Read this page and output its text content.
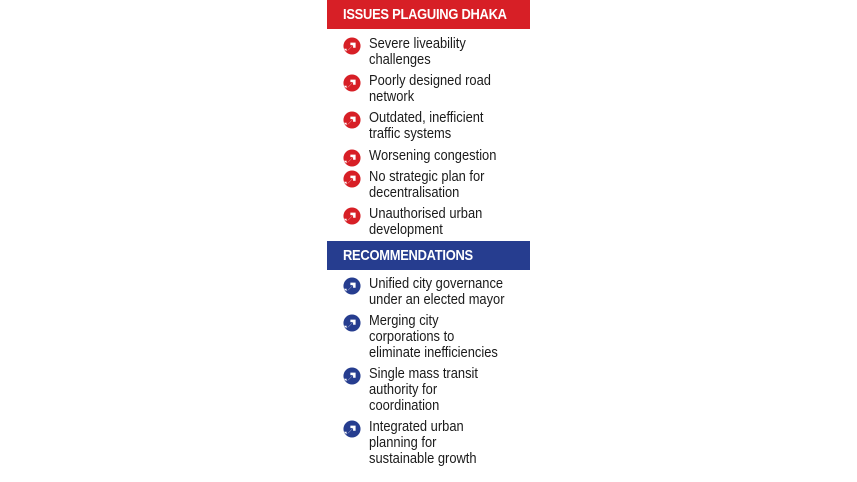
ISSUES PLAGUING DHAKA
Severe liveability
challenges
Poorly designed road
network
Outdated, inefficient
traffic systems
Worsening congestion
No strategic plan for
decentralisation
Unauthorised urban
development
RECOMMENDATIONS
Unified city governance
under an elected mayor
Merging city
corporations to
eliminate inefficiencies
Single mass transit
authority for
coordination
Integrated urban
planning for
sustainable growth
